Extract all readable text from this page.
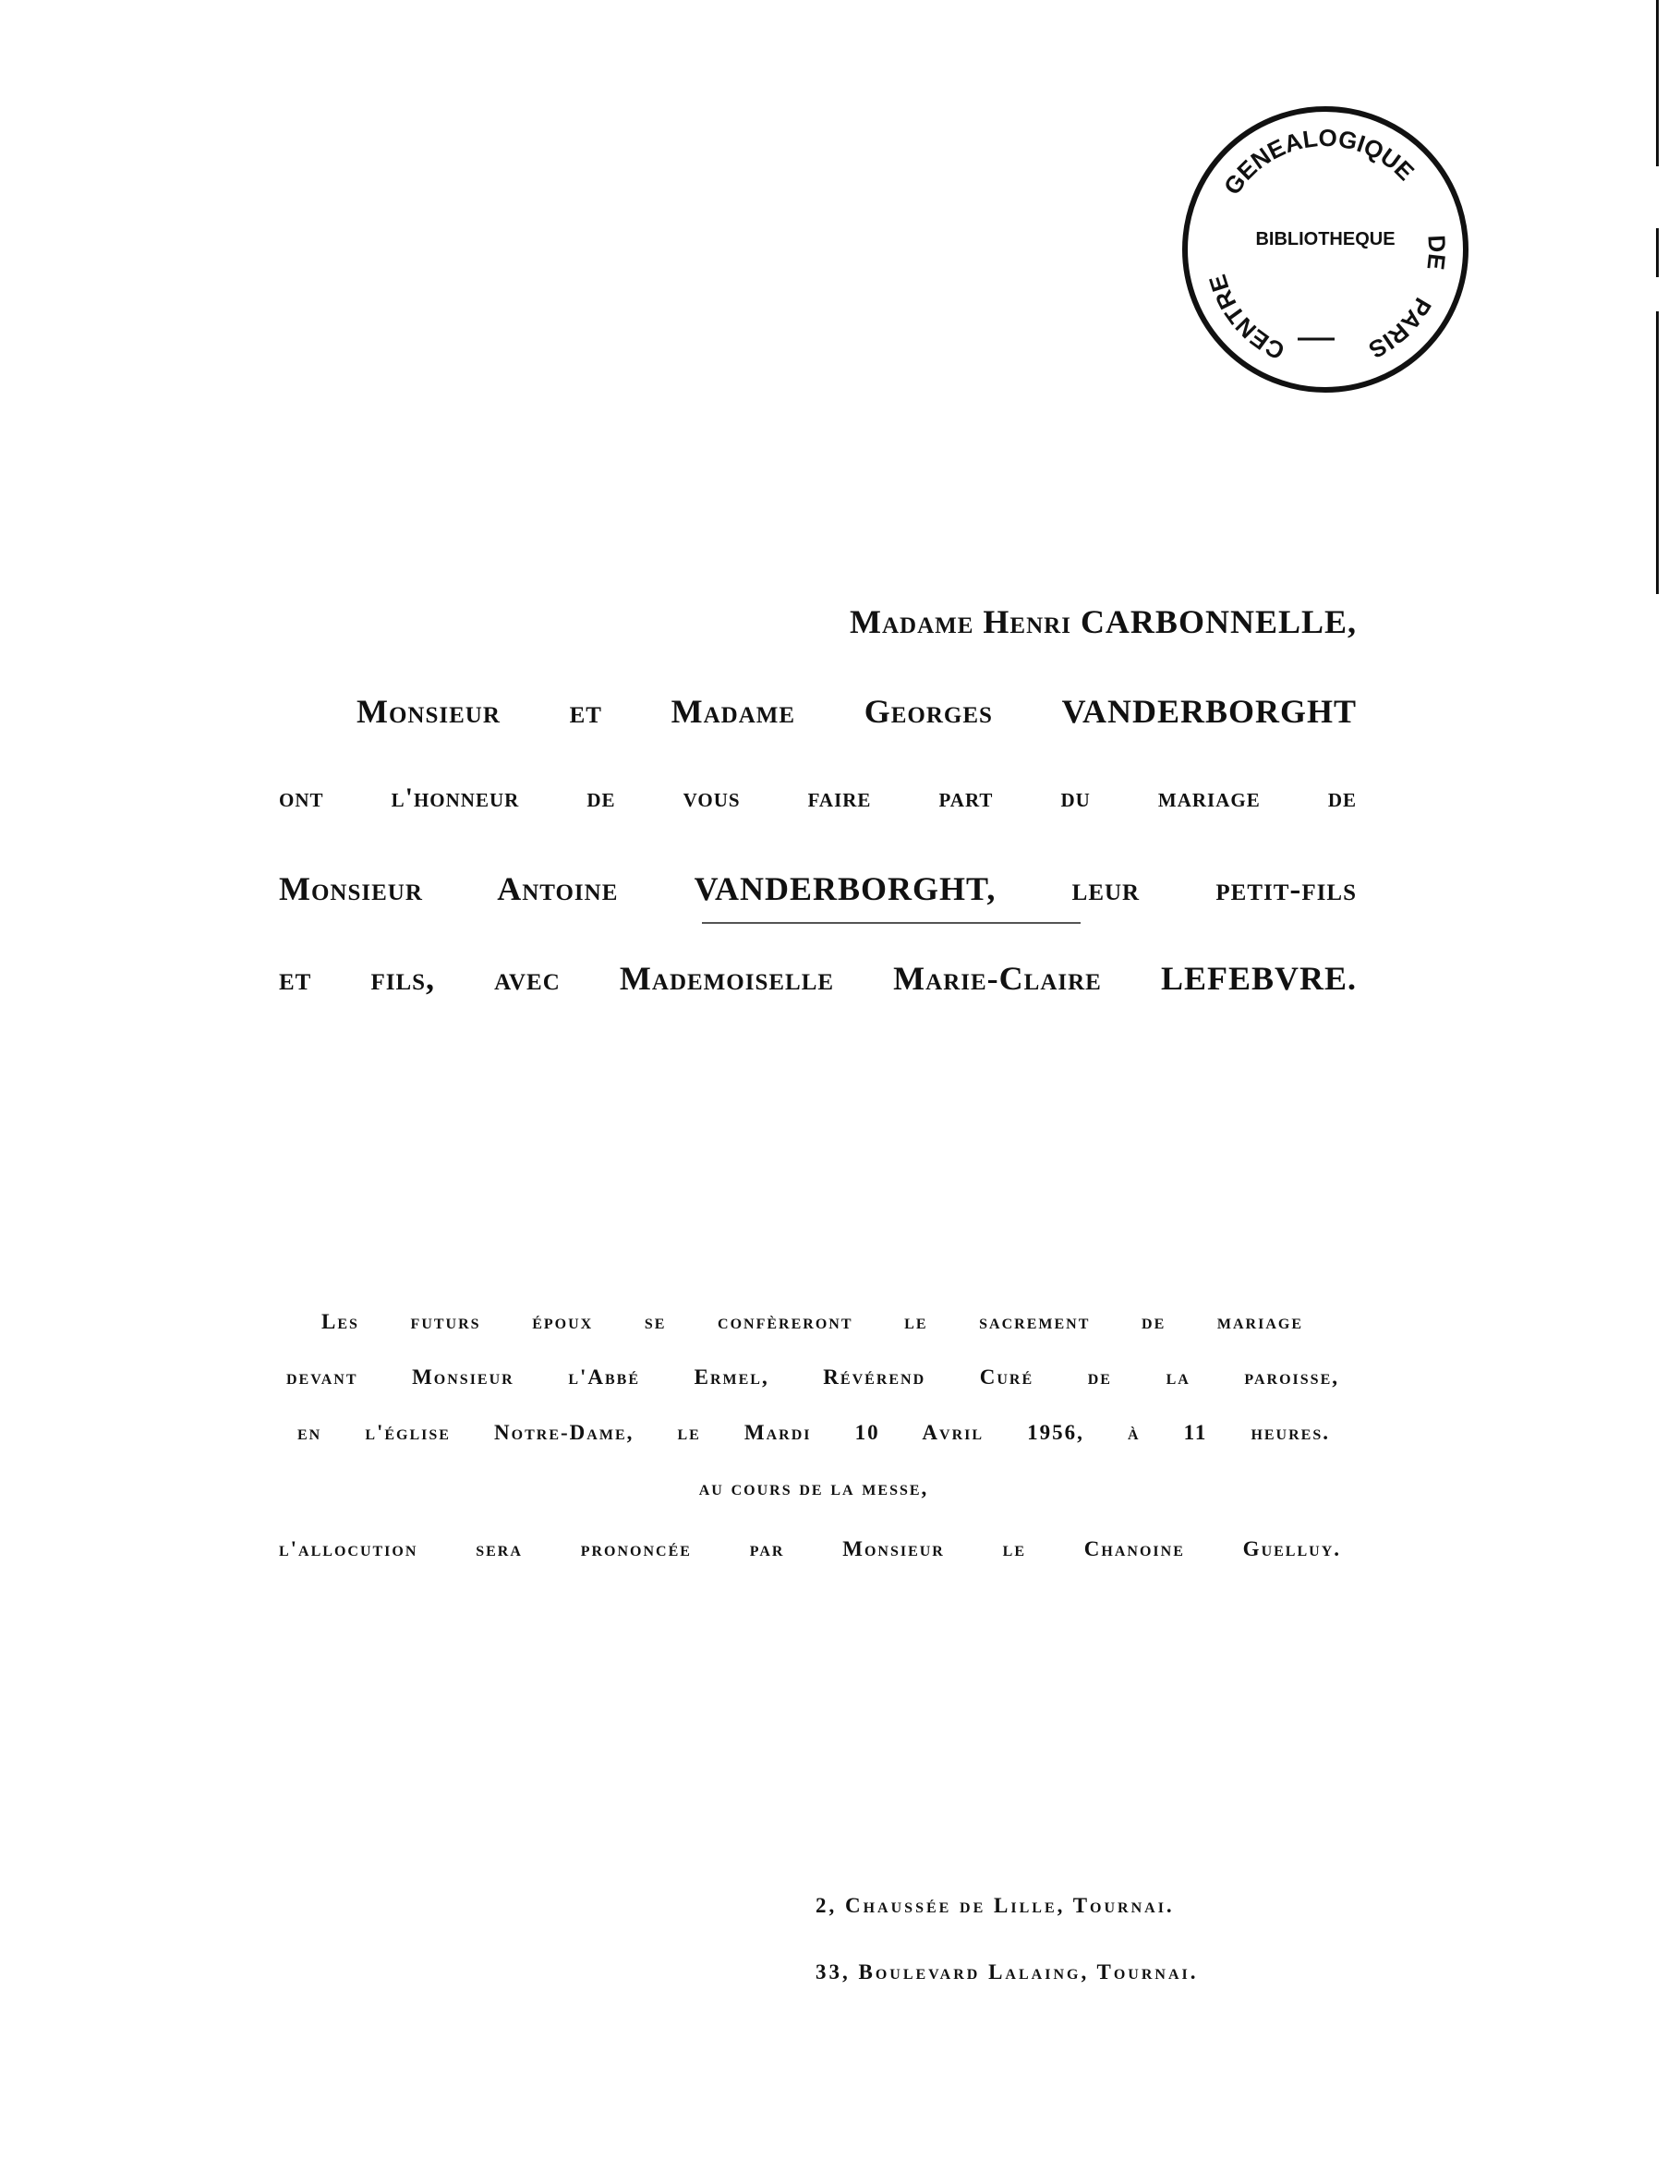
CENTRE
GENEALOGIQUE
DE
PARIS
BIBLIOTHEQUE
Madame Henri CARBONNELLE,
Monsieur et Madame Georges VANDERBORGHT
ont l'honneur de vous faire part du mariage de
Monsieur Antoine VANDERBORGHT, leur petit-fils
et fils, avec Mademoiselle Marie-Claire LEFEBVRE.
Les futurs époux se confèreront le sacrement de mariage
devant Monsieur l'Abbé Ermel, Révérend Curé de la paroisse,
en l'église Notre-Dame, le Mardi 10 Avril 1956, à 11 heures.
au cours de la messe,
l'allocution sera prononcée par Monsieur le Chanoine Guelluy.
2, Chaussée de Lille, Tournai.
33, Boulevard Lalaing, Tournai.
